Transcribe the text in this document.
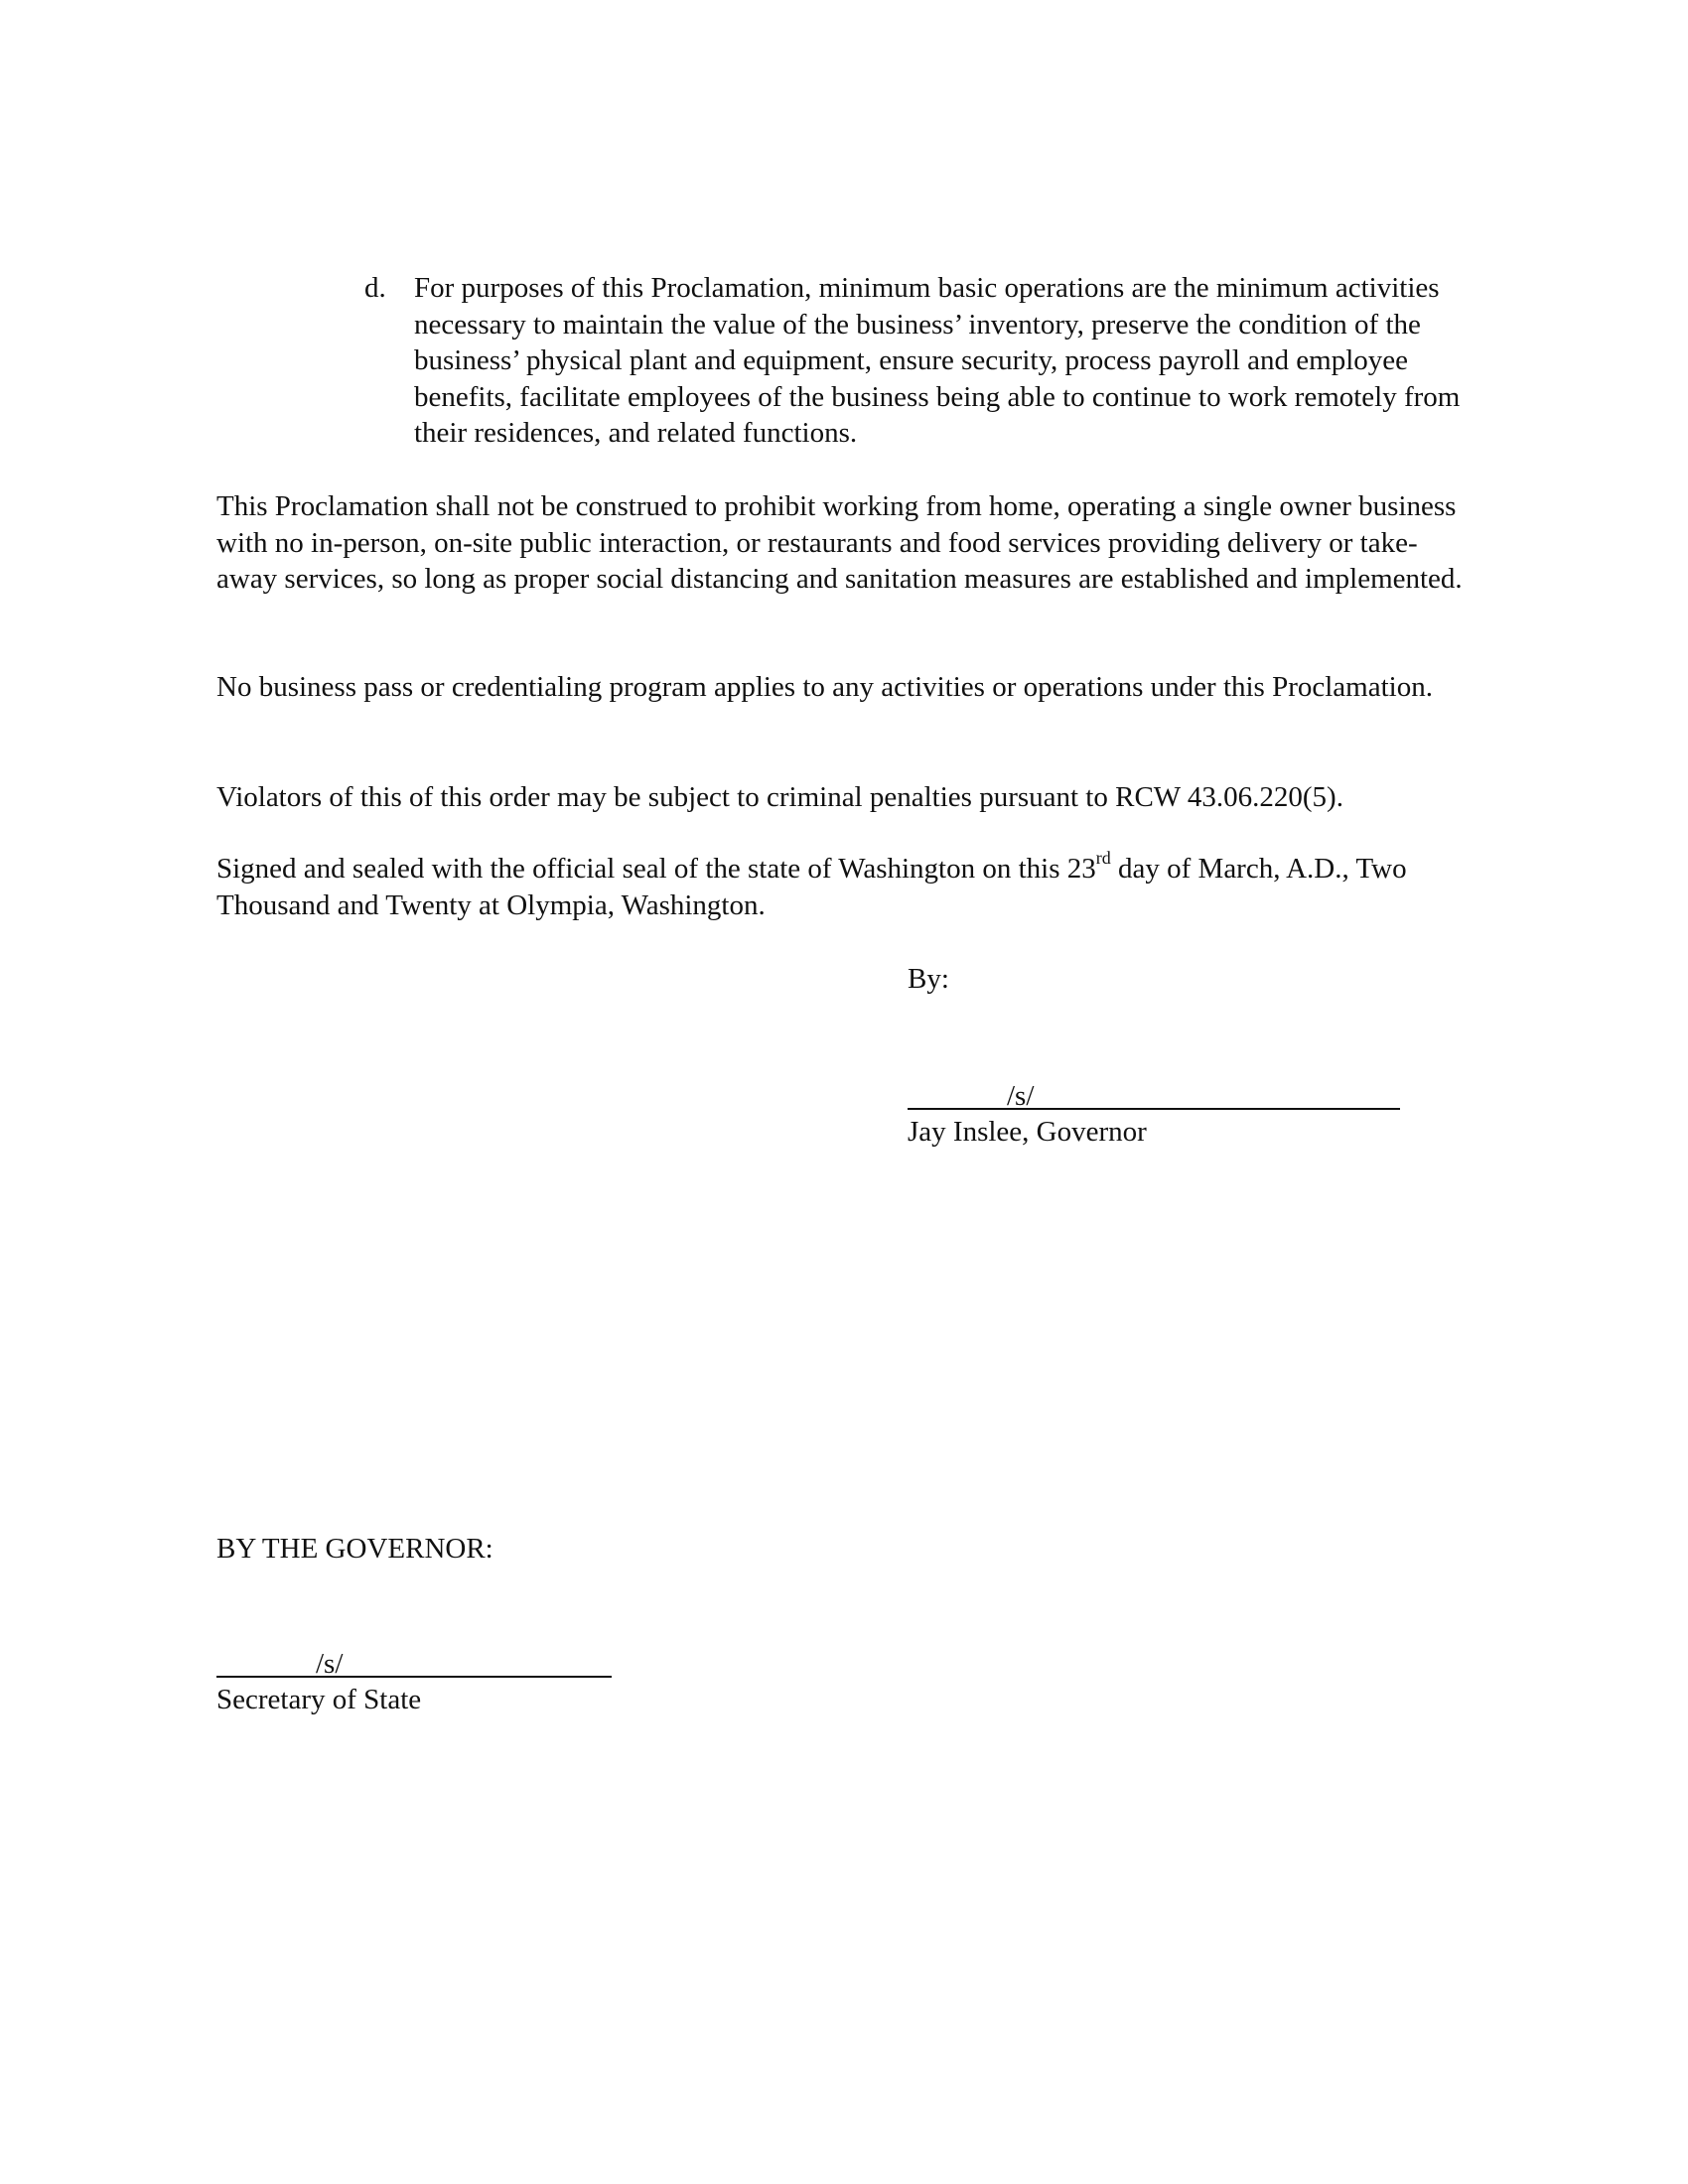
d. For purposes of this Proclamation, minimum basic operations are the minimum activities necessary to maintain the value of the business’ inventory, preserve the condition of the business’ physical plant and equipment, ensure security, process payroll and employee benefits, facilitate employees of the business being able to continue to work remotely from their residences, and related functions.
This Proclamation shall not be construed to prohibit working from home, operating a single owner business with no in-person, on-site public interaction, or restaurants and food services providing delivery or take-away services, so long as proper social distancing and sanitation measures are established and implemented.
No business pass or credentialing program applies to any activities or operations under this Proclamation.
Violators of this of this order may be subject to criminal penalties pursuant to RCW 43.06.220(5).
Signed and sealed with the official seal of the state of Washington on this 23rd day of March, A.D., Two Thousand and Twenty at Olympia, Washington.
By:
/s/
Jay Inslee, Governor
BY THE GOVERNOR:
/s/
Secretary of State
